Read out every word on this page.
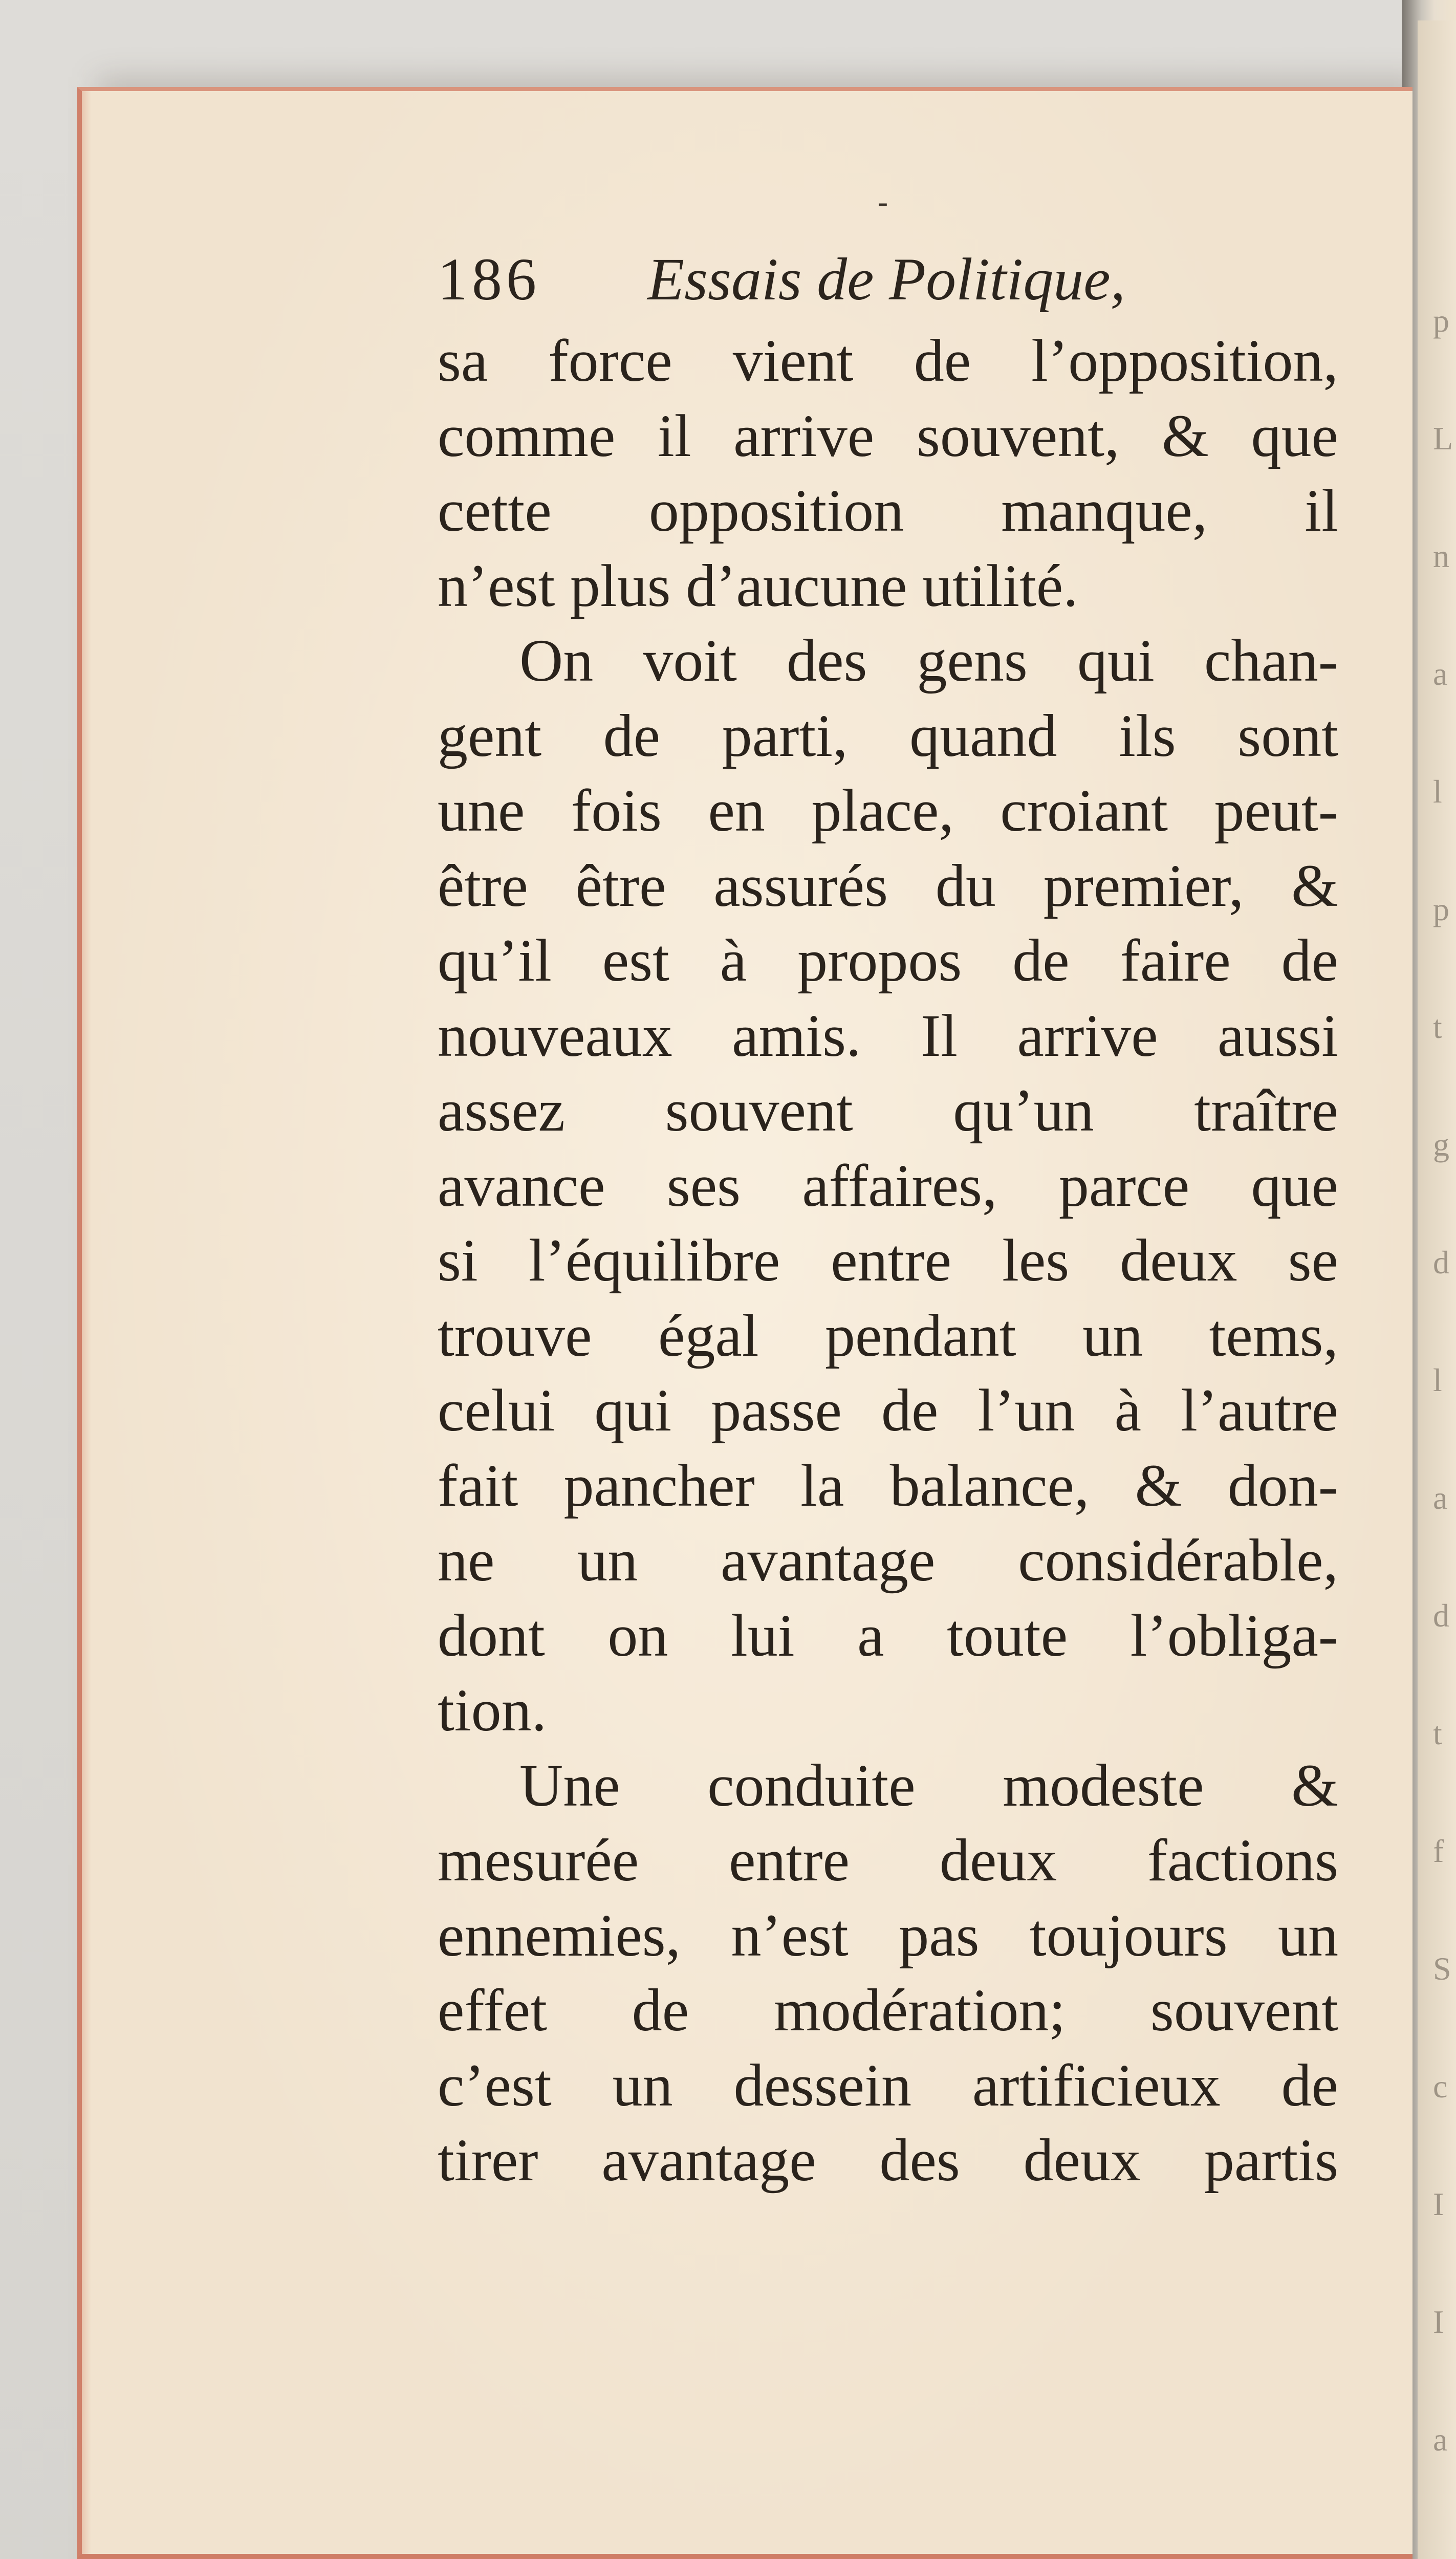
p
L
n
a
l
p
t
g
d
l
a
d
t
f
S
c
I
I
a
-
186 Essais de Politique,
sa force vient de l’opposition,
comme il arrive souvent, & que
cette opposition manque, il
n’est plus d’aucune utilité.
On voit des gens qui chan-
gent de parti, quand ils sont
une fois en place, croiant peut-
être être assurés du premier, &
qu’il est à propos de faire de
nouveaux amis. Il arrive aussi
assez souvent qu’un traître
avance ses affaires, parce que
si l’équilibre entre les deux se
trouve égal pendant un tems,
celui qui passe de l’un à l’autre
fait pancher la balance, & don-
ne un avantage considérable,
dont on lui a toute l’obliga-
tion.
Une conduite modeste &
mesurée entre deux factions
ennemies, n’est pas toujours un
effet de modération; souvent
c’est un dessein artificieux de
tirer avantage des deux partis
